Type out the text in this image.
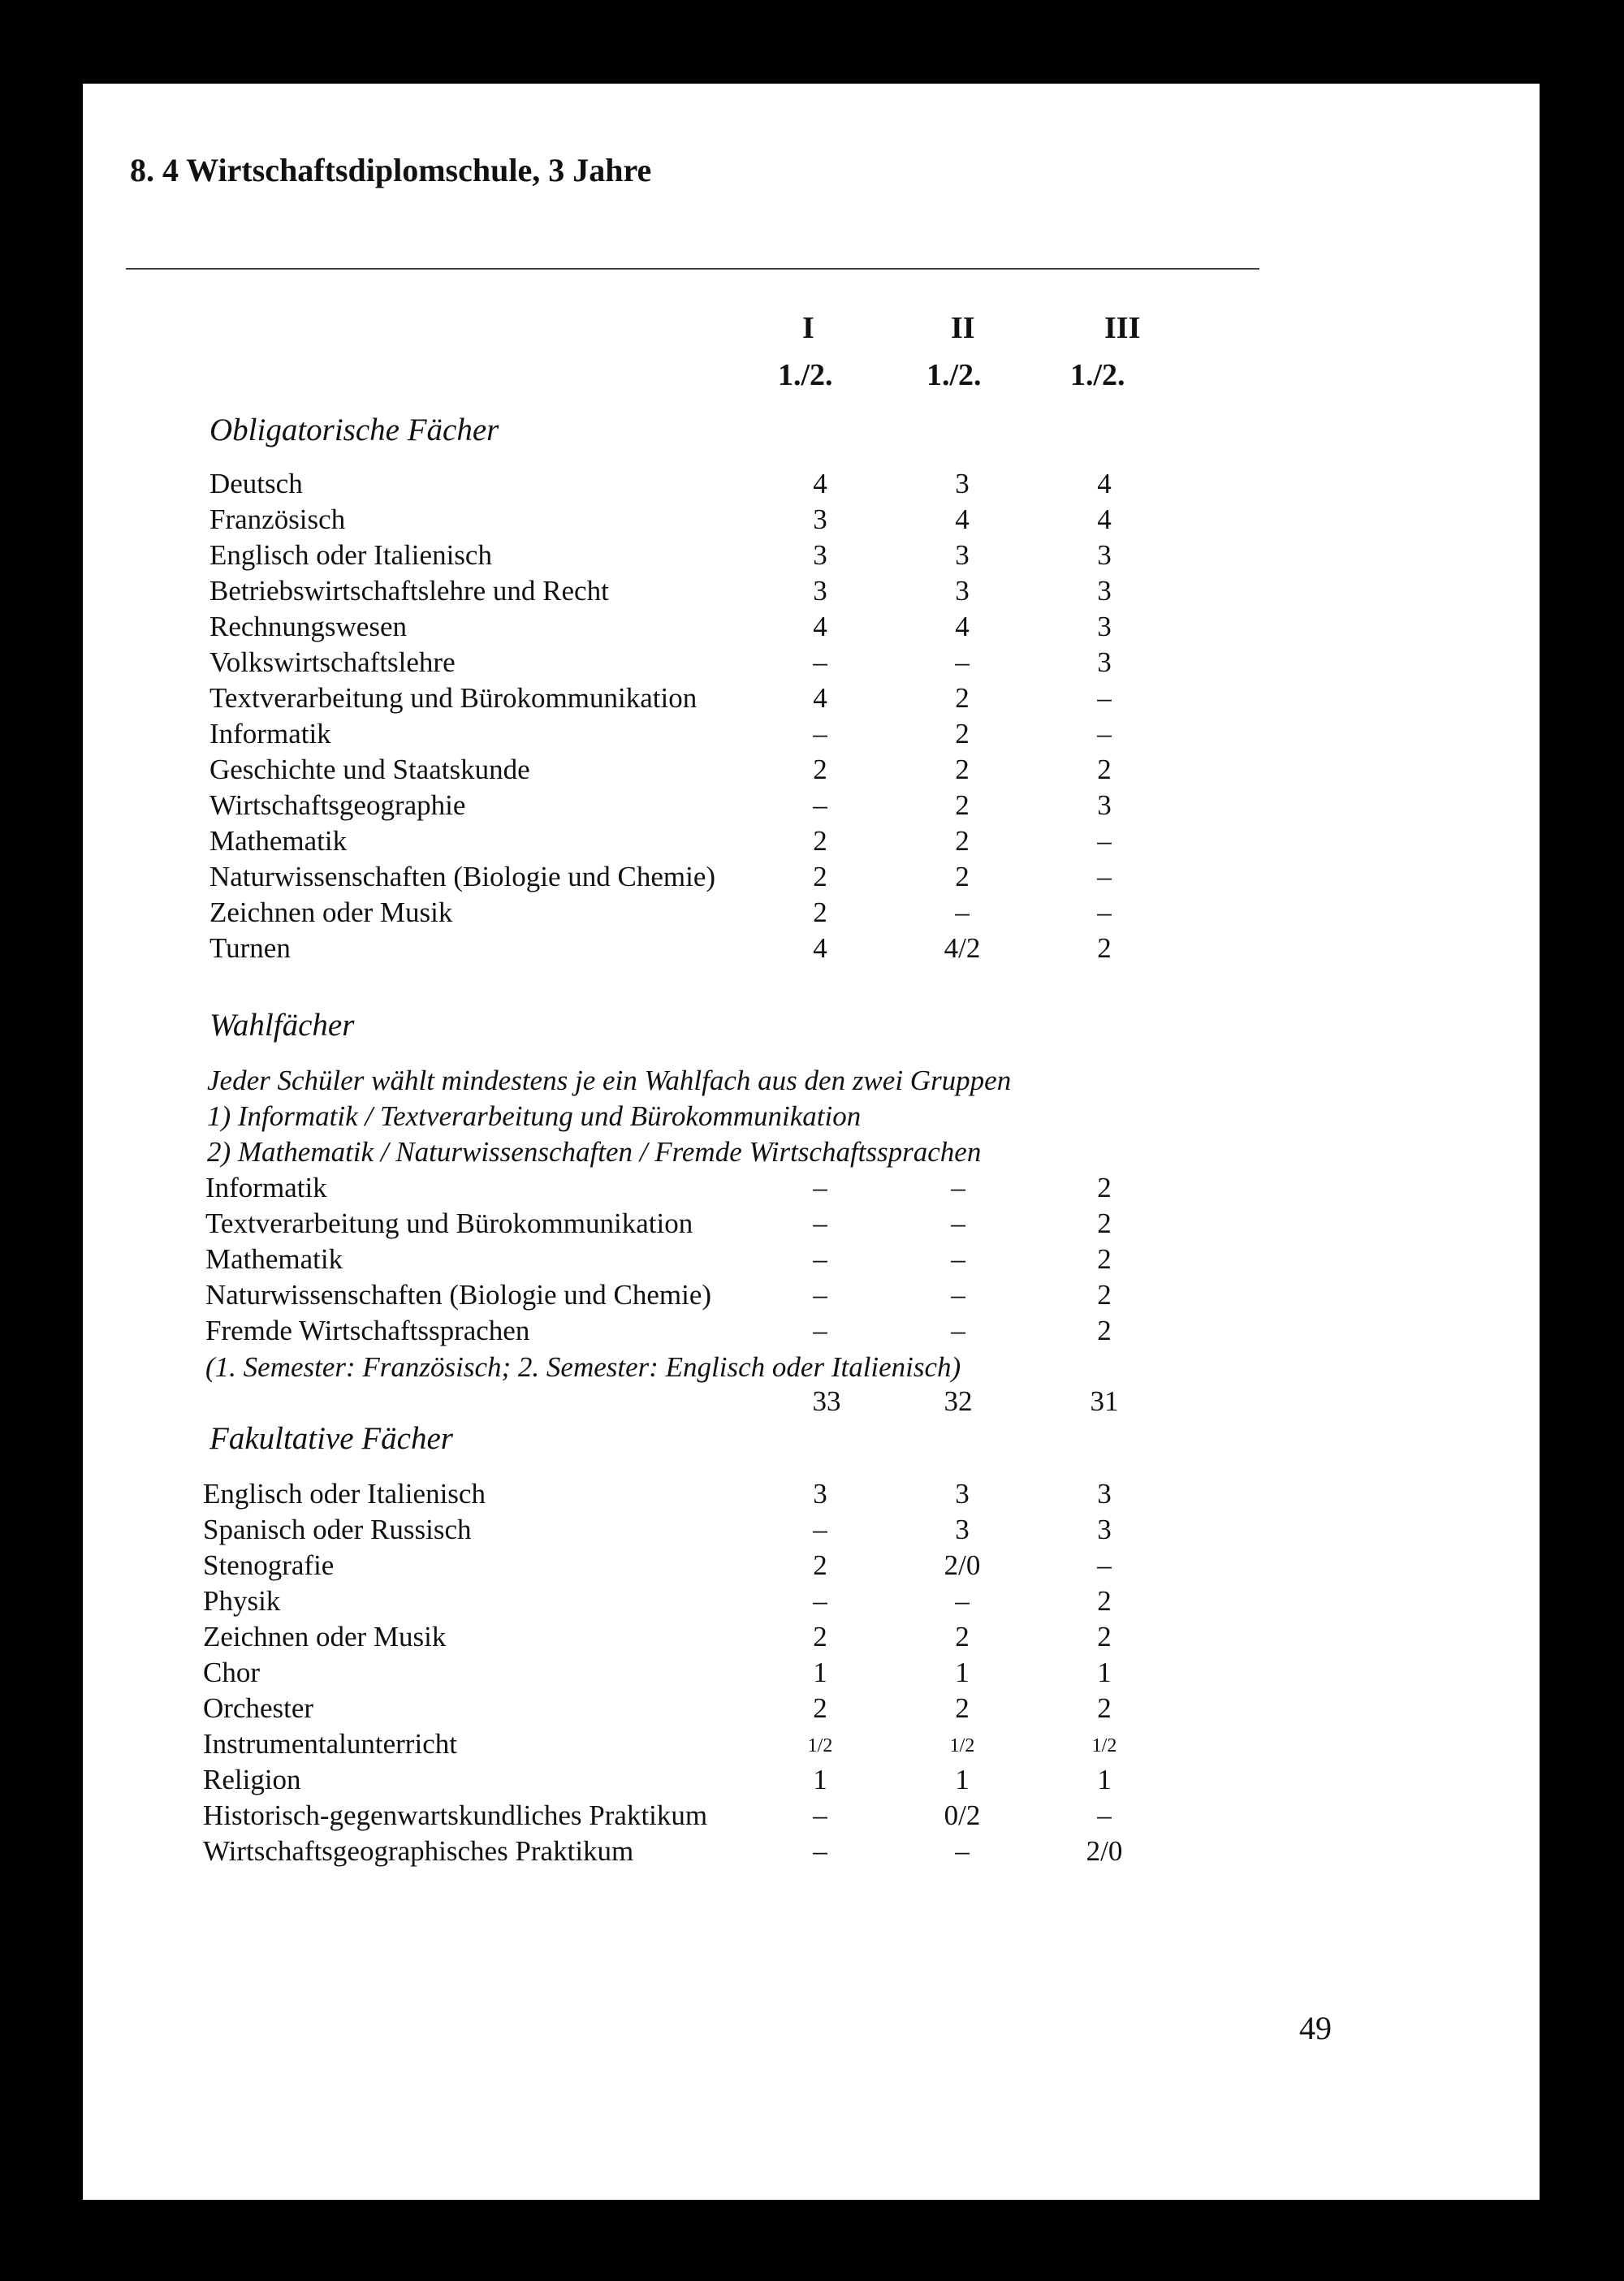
8. 4 Wirtschaftsdiplomschule, 3 Jahre
I	II	III
1./2.	1./2.	1./2.
Obligatorische Fächer
Deutsch	4	3	4
Französisch	3	4	4
Englisch oder Italienisch	3	3	3
Betriebswirtschaftslehre und Recht	3	3	3
Rechnungswesen	4	4	3
Volkswirtschaftslehre	–	–	3
Textverarbeitung und Bürokommunikation	4	2	–
Informatik	–	2	–
Geschichte und Staatskunde	2	2	2
Wirtschaftsgeographie	–	2	3
Mathematik	2	2	–
Naturwissenschaften (Biologie und Chemie)	2	2	–
Zeichnen oder Musik	2	–	–
Turnen	4	4/2	2
Wahlfächer
Jeder Schüler wählt mindestens je ein Wahlfach aus den zwei Gruppen
1) Informatik / Textverarbeitung und Bürokommunikation
2) Mathematik / Naturwissenschaften / Fremde Wirtschaftssprachen
Informatik	–	–	2
Textverarbeitung und Bürokommunikation	–	–	2
Mathematik	–	–	2
Naturwissenschaften (Biologie und Chemie)	–	–	2
Fremde Wirtschaftssprachen	–	–	2
(1. Semester: Französisch; 2. Semester: Englisch oder Italienisch)
33	32	31
Fakultative Fächer
Englisch oder Italienisch	3	3	3
Spanisch oder Russisch	–	3	3
Stenografie	2	2/0	–
Physik	–	–	2
Zeichnen oder Musik	2	2	2
Chor	1	1	1
Orchester	2	2	2
Instrumentalunterricht	1/2	1/2	1/2
Religion	1	1	1
Historisch-gegenwartskundliches Praktikum	–	0/2	–
Wirtschaftsgeographisches Praktikum	–	–	2/0
49
